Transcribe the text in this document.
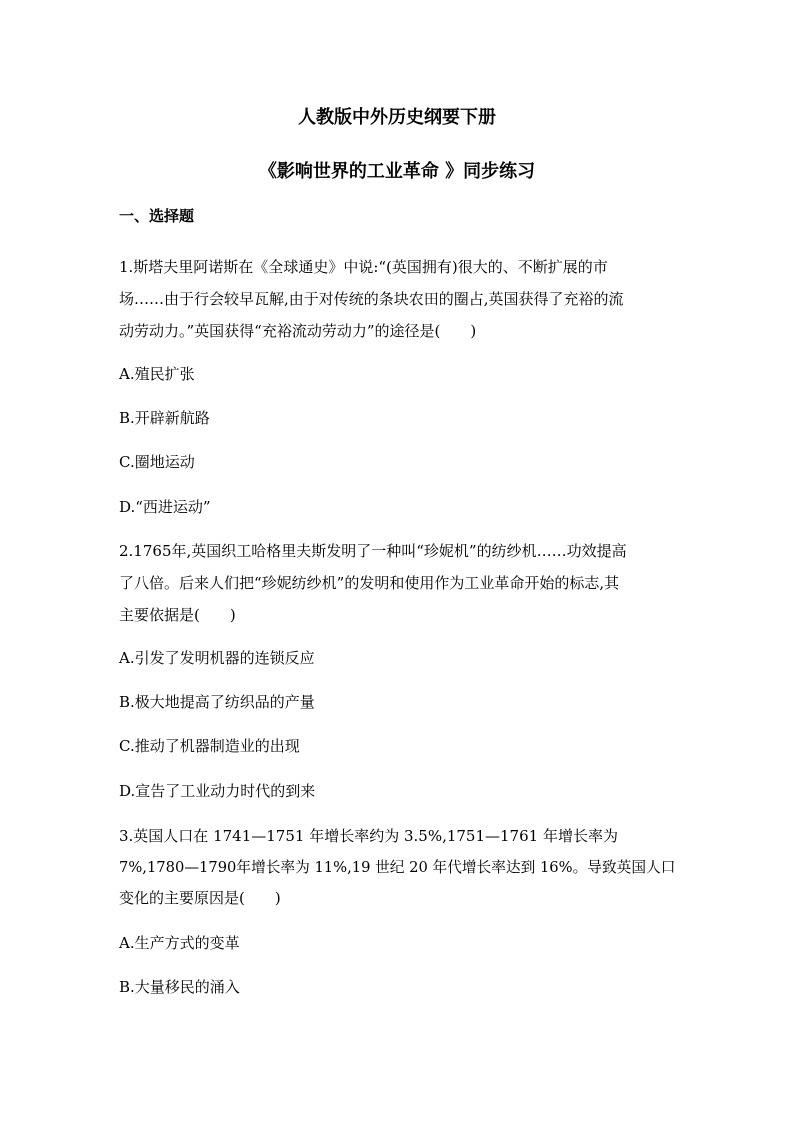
人教版中外历史纲要下册
《影响世界的工业革命 》同步练习
一、选择题
1.斯塔夫里阿诺斯在《全球通史》中说:“(英国拥有)很大的、不断扩展的市
场……由于行会较早瓦解,由于对传统的条块农田的圈占,英国获得了充裕的流
动劳动力。”英国获得“充裕流动劳动力”的途径是(　　)
A.殖民扩张
B.开辟新航路
C.圈地运动
D.“西进运动”
2.1765年,英国织工哈格里夫斯发明了一种叫“珍妮机”的纺纱机……功效提高
了八倍。后来人们把“珍妮纺纱机”的发明和使用作为工业革命开始的标志,其
主要依据是(　　)
A.引发了发明机器的连锁反应
B.极大地提高了纺织品的产量
C.推动了机器制造业的出现
D.宣告了工业动力时代的到来
3.英国人口在 1741—1751 年增长率约为 3.5%,1751—1761 年增长率为
7%,1780—1790年增长率为 11%,19 世纪 20 年代增长率达到 16%。导致英国人口
变化的主要原因是(　　)
A.生产方式的变革
B.大量移民的涌入
